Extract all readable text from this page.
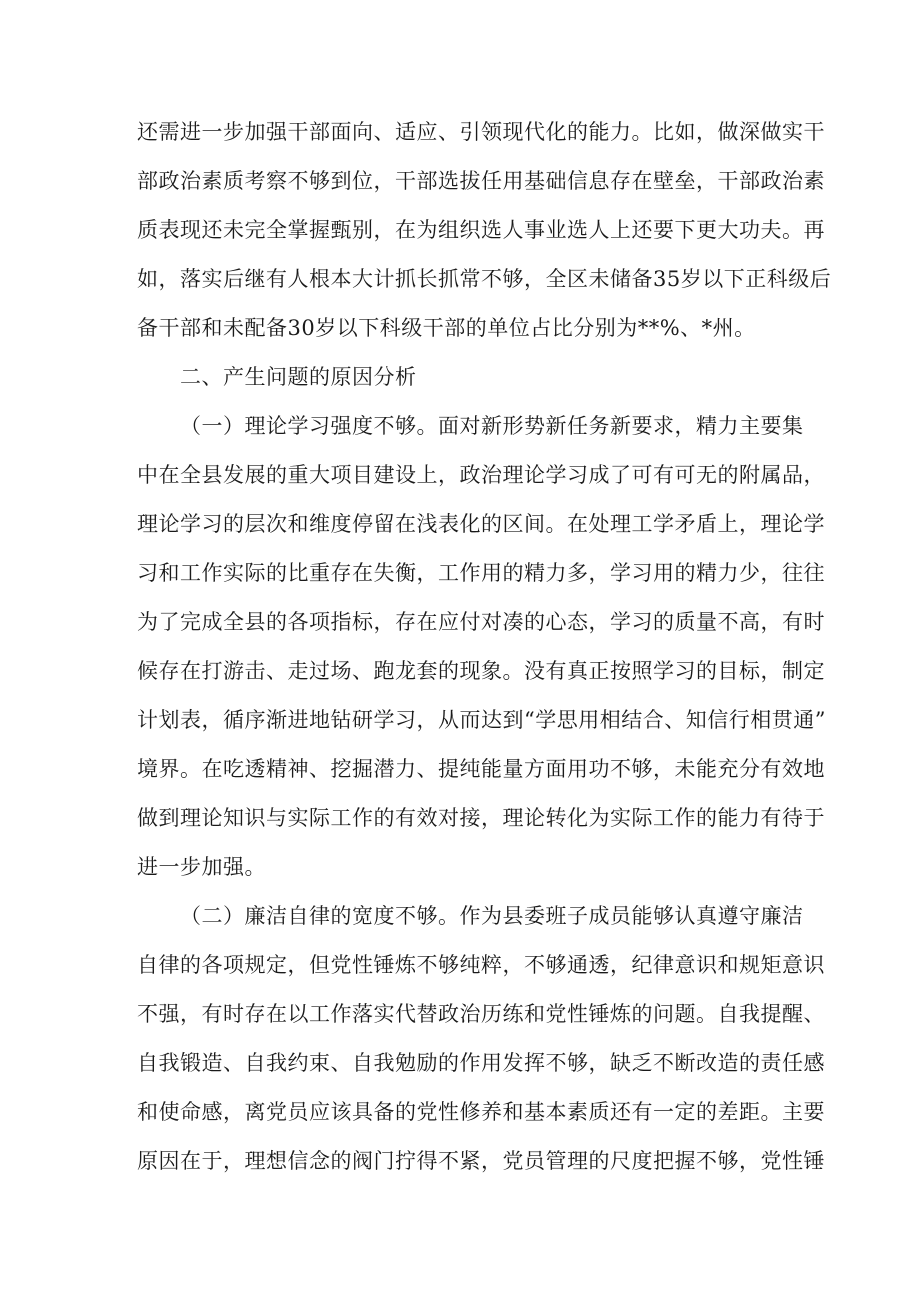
还需进一步加强干部面向、适应、引领现代化的能力。比如，做深做实干
部政治素质考察不够到位，干部选拔任用基础信息存在壁垒，干部政治素
质表现还未完全掌握甄别，在为组织选人事业选人上还要下更大功夫。再
如，落实后继有人根本大计抓长抓常不够，全区未储备35岁以下正科级后
备干部和未配备30岁以下科级干部的单位占比分别为**%、*州。
二、产生问题的原因分析
（一）理论学习强度不够。面对新形势新任务新要求，精力主要集
中在全县发展的重大项目建设上，政治理论学习成了可有可无的附属品，
理论学习的层次和维度停留在浅表化的区间。在处理工学矛盾上，理论学
习和工作实际的比重存在失衡，工作用的精力多，学习用的精力少，往往
为了完成全县的各项指标，存在应付对凑的心态，学习的质量不高，有时
候存在打游击、走过场、跑龙套的现象。没有真正按照学习的目标，制定
计划表，循序渐进地钻研学习，从而达到“学思用相结合、知信行相贯通”
境界。在吃透精神、挖掘潜力、提纯能量方面用功不够，未能充分有效地
做到理论知识与实际工作的有效对接，理论转化为实际工作的能力有待于
进一步加强。
（二）廉洁自律的宽度不够。作为县委班子成员能够认真遵守廉洁
自律的各项规定，但党性锤炼不够纯粹，不够通透，纪律意识和规矩意识
不强，有时存在以工作落实代替政治历练和党性锤炼的问题。自我提醒、
自我锻造、自我约束、自我勉励的作用发挥不够，缺乏不断改造的责任感
和使命感，离党员应该具备的党性修养和基本素质还有一定的差距。主要
原因在于，理想信念的阀门拧得不紧，党员管理的尺度把握不够，党性锤
